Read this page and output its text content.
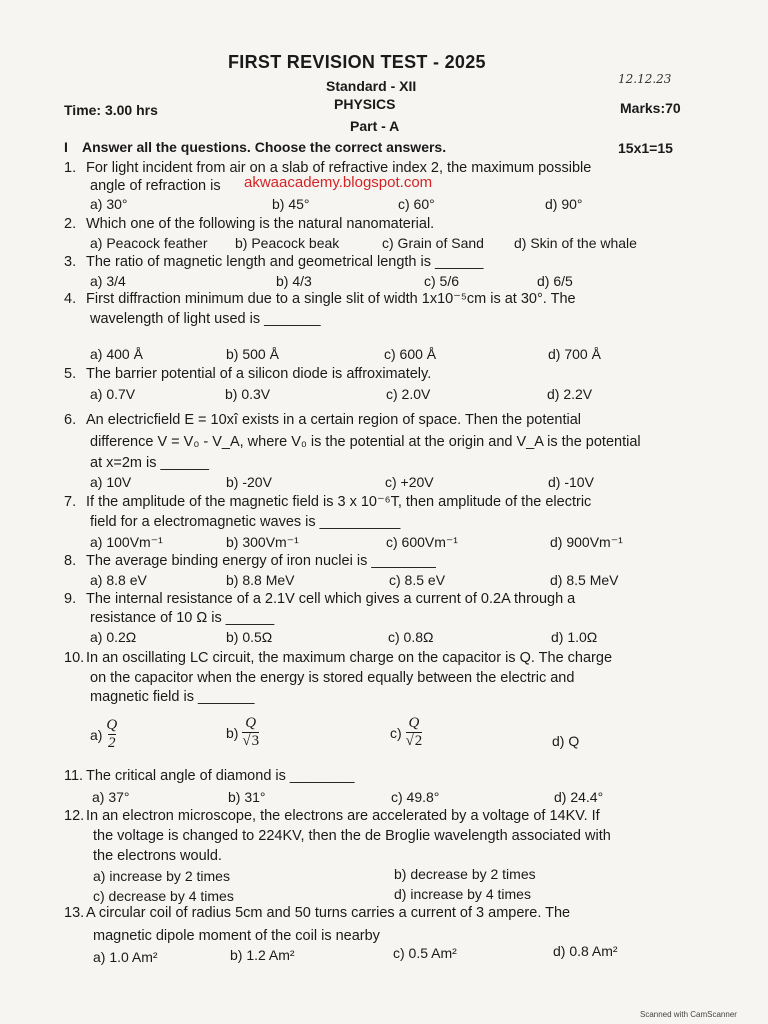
FIRST REVISION TEST - 2025
12.12.23
Standard - XII
Time: 3.00 hrs	PHYSICS	Marks:70
Part - A
I Answer all the questions. Choose the correct answers.	15x1=15
1. For light incident from air on a slab of refractive index 2, the maximum possible
angle of refraction is akwaacademy.blogspot.com
a) 30°	b) 45°	c) 60°	d) 90°
2. Which one of the following is the natural nanomaterial.
a) Peacock feather b) Peacock beak	c) Grain of Sand d) Skin of the whale
3. The ratio of magnetic length and geometrical length is ______
a) 3/4	b) 4/3	c) 5/6	d) 6/5
4. First diffraction minimum due to a single slit of width 1x10⁻⁵cm is at 30°. The
wavelength of light used is _______
a) 400 Å	b) 500 Å	c) 600 Å	d) 700 Å
5. The barrier potential of a silicon diode is affroximately.
a) 0.7V	b) 0.3V	c) 2.0V	d) 2.2V
6. An electricfield E = 10xî exists in a certain region of space. Then the potential
difference V = V₀ - V_A, where V₀ is the potential at the origin and V_A is the potential
at x=2m is ______
a) 10V	b) -20V	c) +20V	d) -10V
7. If the amplitude of the magnetic field is 3 x 10⁻⁶T, then amplitude of the electric
field for a electromagnetic waves is __________
a) 100Vm⁻¹	b) 300Vm⁻¹	c) 600Vm⁻¹	d) 900Vm⁻¹
8. The average binding energy of iron nuclei is ________
a) 8.8 eV	b) 8.8 MeV	c) 8.5 eV	d) 8.5 MeV
9. The internal resistance of a 2.1V cell which gives a current of 0.2A through a
resistance of 10 Ω is ______
a) 0.2Ω	b) 0.5Ω	c) 0.8Ω	d) 1.0Ω
10. In an oscillating LC circuit, the maximum charge on the capacitor is Q. The charge
on the capacitor when the energy is stored equally between the electric and
magnetic field is _______
$a) \frac{Q}{2}$	$b) \frac{Q}{√3}$	$c) \frac{Q}{√2}$	d) Q
11. The critical angle of diamond is ________
a) 37°	b) 31°	c) 49.8°	d) 24.4°
12. In an electron microscope, the electrons are accelerated by a voltage of 14KV. If
the voltage is changed to 224KV, then the de Broglie wavelength associated with
the electrons would.
a) increase by 2 times	b) decrease by 2 times
c) decrease by 4 times	d) increase by 4 times
13. A circular coil of radius 5cm and 50 turns carries a current of 3 ampere. The
magnetic dipole moment of the coil is nearby
a) 1.0 Am²	b) 1.2 Am²	c) 0.5 Am²	d) 0.8 Am²
Scanned with CamScanner
